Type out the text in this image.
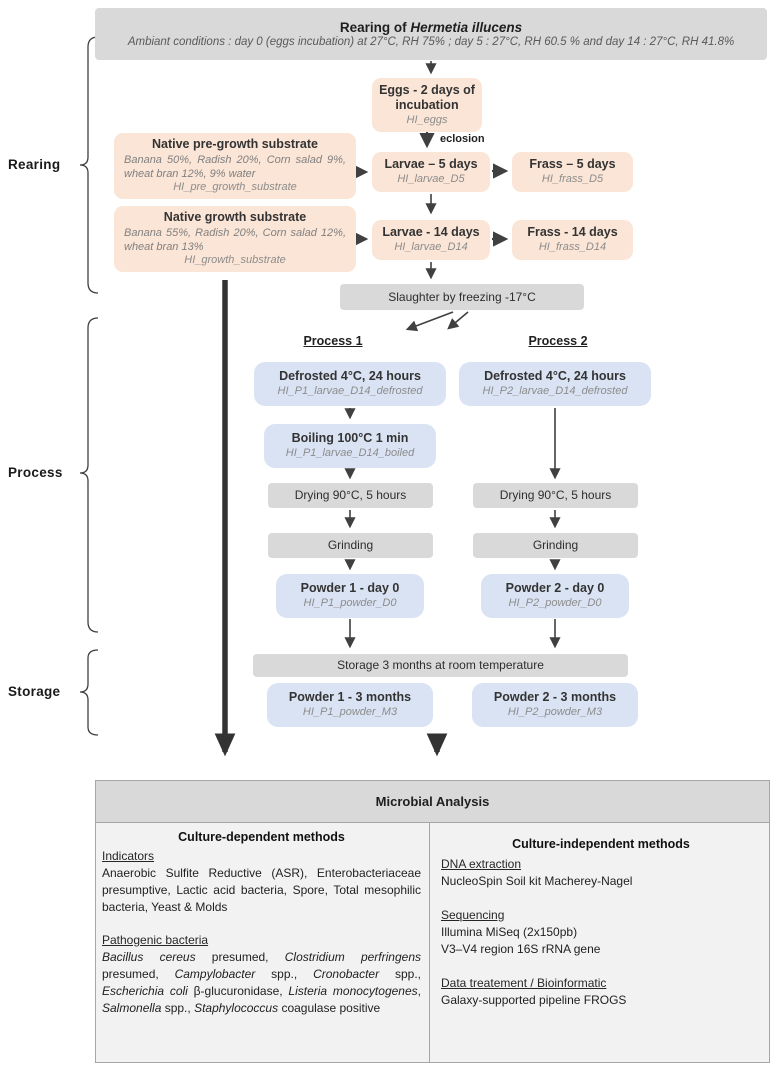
Rearing of Hermetia illucens
Ambiant conditions : day 0 (eggs incubation) at 27°C, RH 75% ; day 5 : 27°C, RH 60.5 % and day 14 : 27°C, RH 41.8%
Rearing
Process
Storage
Eggs - 2 days of incubation
HI_eggs
eclosion
Native pre-growth substrate
Banana 50%, Radish 20%, Corn salad 9%, wheat bran 12%, 9% water
HI_pre_growth_substrate
Native growth substrate
Banana 55%, Radish 20%, Corn salad 12%, wheat bran 13%
HI_growth_substrate
Larvae – 5 days
HI_larvae_D5
Frass – 5 days
HI_frass_D5
Larvae - 14 days
HI_larvae_D14
Frass - 14 days
HI_frass_D14
Slaughter by freezing -17°C
Process 1	Process 2
Defrosted 4°C, 24 hours
HI_P1_larvae_D14_defrosted
Boiling 100°C 1 min
HI_P1_larvae_D14_boiled
Drying 90°C, 5 hours
Grinding
Powder 1 - day 0
HI_P1_powder_D0
Defrosted 4°C, 24 hours
HI_P2_larvae_D14_defrosted
Drying 90°C, 5 hours
Grinding
Powder 2 - day 0
HI_P2_powder_D0
Storage 3 months at room temperature
Powder 1 - 3 months
HI_P1_powder_M3
Powder 2 - 3 months
HI_P2_powder_M3
Microbial Analysis
Culture-dependent methods
Indicators

Anaerobic Sulfite Reductive (ASR), Enterobacteriaceae presumptive, Lactic acid bacteria, Spore, Total mesophilic bacteria, Yeast & Molds

Pathogenic bacteria

Bacillus cereus presumed, Clostridium perfringens presumed, Campylobacter spp., Cronobacter spp., Escherichia coli β-glucuronidase, Listeria monocytogenes, Salmonella spp., Staphylococcus coagulase positive

Culture-independent methods
DNA extraction

NucleoSpin Soil kit Macherey-Nagel

Sequencing

Illumina MiSeq (2x150pb)

V3–V4 region 16S rRNA gene

Data treatement / Bioinformatic

Galaxy-supported pipeline FROGS
